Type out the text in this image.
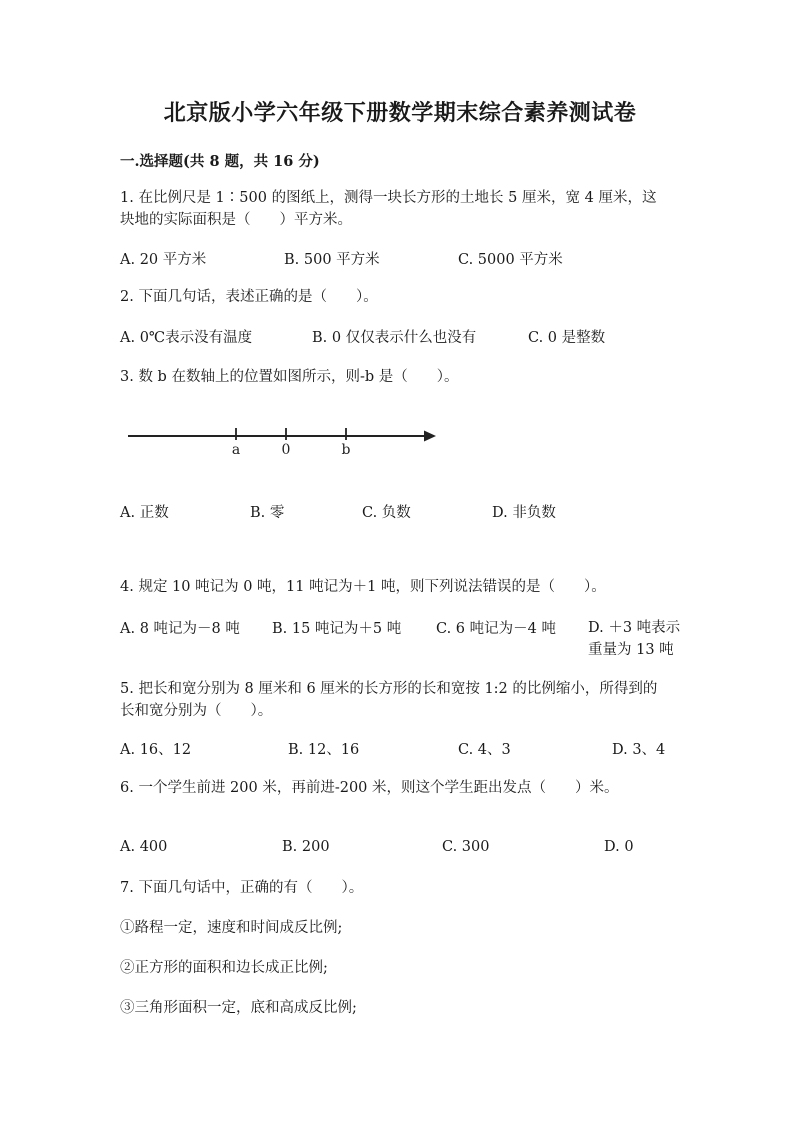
北京版小学六年级下册数学期末综合素养测试卷
一.选择题(共 8 题，共 16 分)
1. 在比例尺是 1∶500 的图纸上，测得一块长方形的土地长 5 厘米，宽 4 厘米，这块地的实际面积是（　　）平方米。
A. 20 平方米	B. 500 平方米	C. 5000 平方米
2. 下面几句话，表述正确的是（　　）。
A. 0℃表示没有温度	B. 0 仅仅表示什么也没有	C. 0 是整数
3. 数 b 在数轴上的位置如图所示，则-b 是（　　）。
a	0	b
A. 正数	B. 零	C. 负数	D. 非负数
4. 规定 10 吨记为 0 吨，11 吨记为＋1 吨，则下列说法错误的是（　　）。
A. 8 吨记为－8 吨 B. 15 吨记为＋5 吨 C. 6 吨记为－4 吨 D. ＋3 吨表示重量为 13 吨
5. 把长和宽分别为 8 厘米和 6 厘米的长方形的长和宽按 1:2 的比例缩小，所得到的长和宽分别为（　　）。
A. 16、12	B. 12、16	C. 4、3	D. 3、4
6. 一个学生前进 200 米，再前进-200 米，则这个学生距出发点（　　）米。
A. 400	B. 200	C. 300	D. 0
7. 下面几句话中，正确的有（　　）。
①路程一定，速度和时间成反比例;
②正方形的面积和边长成正比例;
③三角形面积一定，底和高成反比例;
